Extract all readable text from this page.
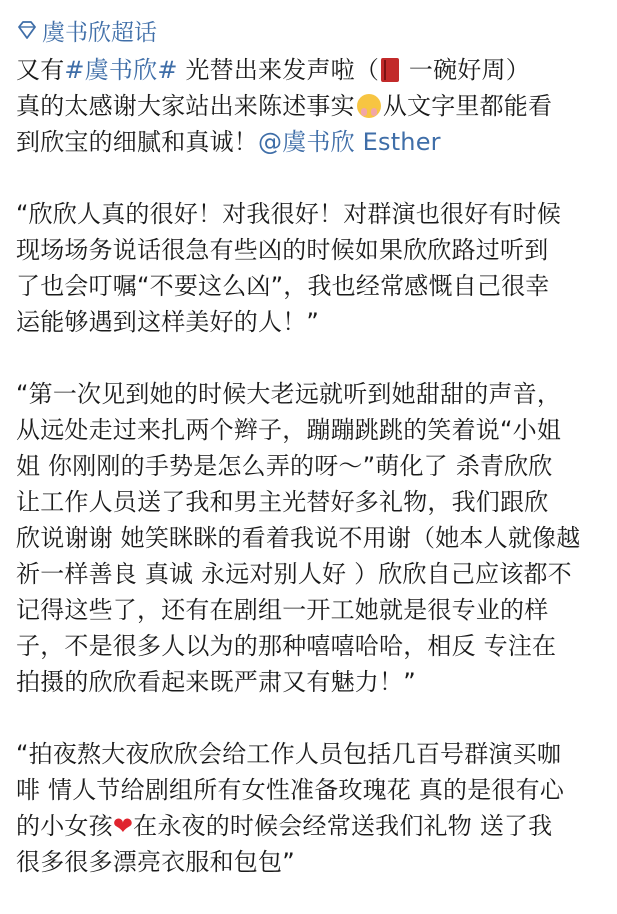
虞书欣超话
又有#虞书欣# 光替出来发声啦（ 一碗好周）
真的太感谢大家站出来陈述事实 从文字里都能看
到欣宝的细腻和真诚！@虞书欣 Esther
“欣欣人真的很好！对我很好！对群演也很好有时候
现场场务说话很急有些凶的时候如果欣欣路过听到
了也会叮嘱“不要这么凶”，我也经常感慨自己很幸
运能够遇到这样美好的人！”
“第一次见到她的时候大老远就听到她甜甜的声音，
从远处走过来扎两个辫子，蹦蹦跳跳的笑着说“小姐
姐 你刚刚的手势是怎么弄的呀～”萌化了 杀青欣欣
让工作人员送了我和男主光替好多礼物，我们跟欣
欣说谢谢 她笑眯眯的看着我说不用谢（她本人就像越
祈一样善良 真诚 永远对别人好 ）欣欣自己应该都不
记得这些了，还有在剧组一开工她就是很专业的样
子，不是很多人以为的那种嘻嘻哈哈，相反 专注在
拍摄的欣欣看起来既严肃又有魅力！”
“拍夜熬大夜欣欣会给工作人员包括几百号群演买咖
啡 情人节给剧组所有女性准备玫瑰花 真的是很有心
的小女孩❤在永夜的时候会经常送我们礼物 送了我
很多很多漂亮衣服和包包”
